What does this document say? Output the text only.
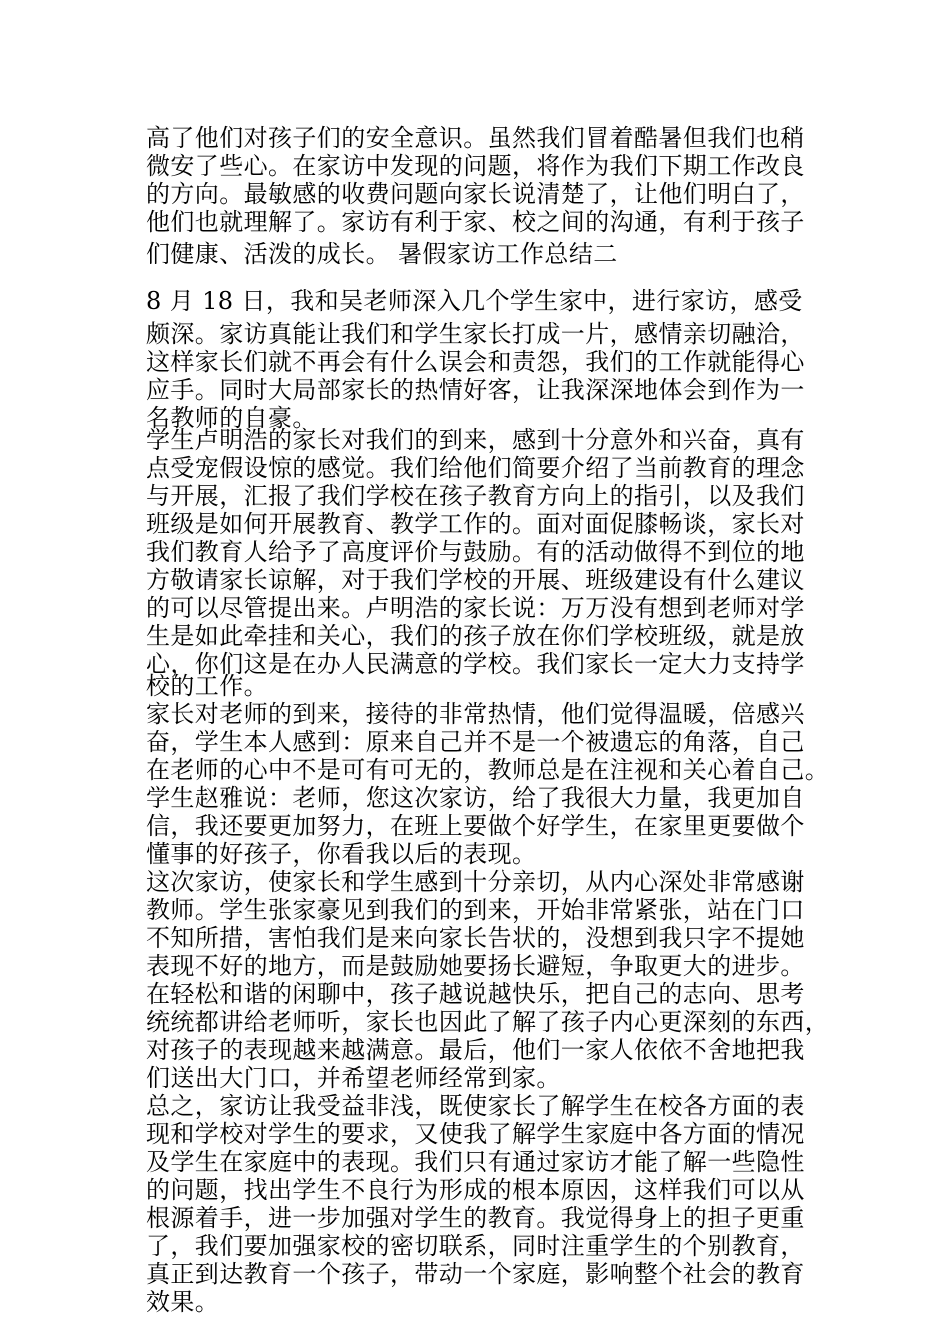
高了他们对孩子们的安全意识。虽然我们冒着酷暑但我们也稍
微安了些心。在家访中发现的问题，将作为我们下期工作改良
的方向。最敏感的收费问题向家长说清楚了，让他们明白了，
他们也就理解了。家访有利于家、校之间的沟通，有利于孩子
们健康、活泼的成长。 暑假家访工作总结二
8 月 18 日，我和吴老师深入几个学生家中，进行家访，感受
颇深。家访真能让我们和学生家长打成一片，感情亲切融洽，
这样家长们就不再会有什么误会和责怨，我们的工作就能得心
应手。同时大局部家长的热情好客，让我深深地体会到作为一
名教师的自豪。
学生卢明浩的家长对我们的到来，感到十分意外和兴奋，真有
点受宠假设惊的感觉。我们给他们简要介绍了当前教育的理念
与开展，汇报了我们学校在孩子教育方向上的指引，以及我们
班级是如何开展教育、教学工作的。面对面促膝畅谈，家长对
我们教育人给予了高度评价与鼓励。有的活动做得不到位的地
方敬请家长谅解，对于我们学校的开展、班级建设有什么建议
的可以尽管提出来。卢明浩的家长说：万万没有想到老师对学
生是如此牵挂和关心，我们的孩子放在你们学校班级，就是放
心，你们这是在办人民满意的学校。我们家长一定大力支持学
校的工作。
家长对老师的到来，接待的非常热情，他们觉得温暖，倍感兴
奋，学生本人感到：原来自己并不是一个被遗忘的角落，自己
在老师的心中不是可有可无的，教师总是在注视和关心着自己。
学生赵雅说：老师，您这次家访，给了我很大力量，我更加自
信，我还要更加努力，在班上要做个好学生，在家里更要做个
懂事的好孩子，你看我以后的表现。
这次家访，使家长和学生感到十分亲切，从内心深处非常感谢
教师。学生张家豪见到我们的到来，开始非常紧张，站在门口
不知所措，害怕我们是来向家长告状的，没想到我只字不提她
表现不好的地方，而是鼓励她要扬长避短，争取更大的进步。
在轻松和谐的闲聊中，孩子越说越快乐，把自己的志向、思考
统统都讲给老师听，家长也因此了解了孩子内心更深刻的东西，
对孩子的表现越来越满意。最后，他们一家人依依不舍地把我
们送出大门口，并希望老师经常到家。
总之，家访让我受益非浅，既使家长了解学生在校各方面的表
现和学校对学生的要求，又使我了解学生家庭中各方面的情况
及学生在家庭中的表现。我们只有通过家访才能了解一些隐性
的问题，找出学生不良行为形成的根本原因，这样我们可以从
根源着手，进一步加强对学生的教育。我觉得身上的担子更重
了，我们要加强家校的密切联系，同时注重学生的个别教育，
真正到达教育一个孩子，带动一个家庭，影响整个社会的教育
效果。
